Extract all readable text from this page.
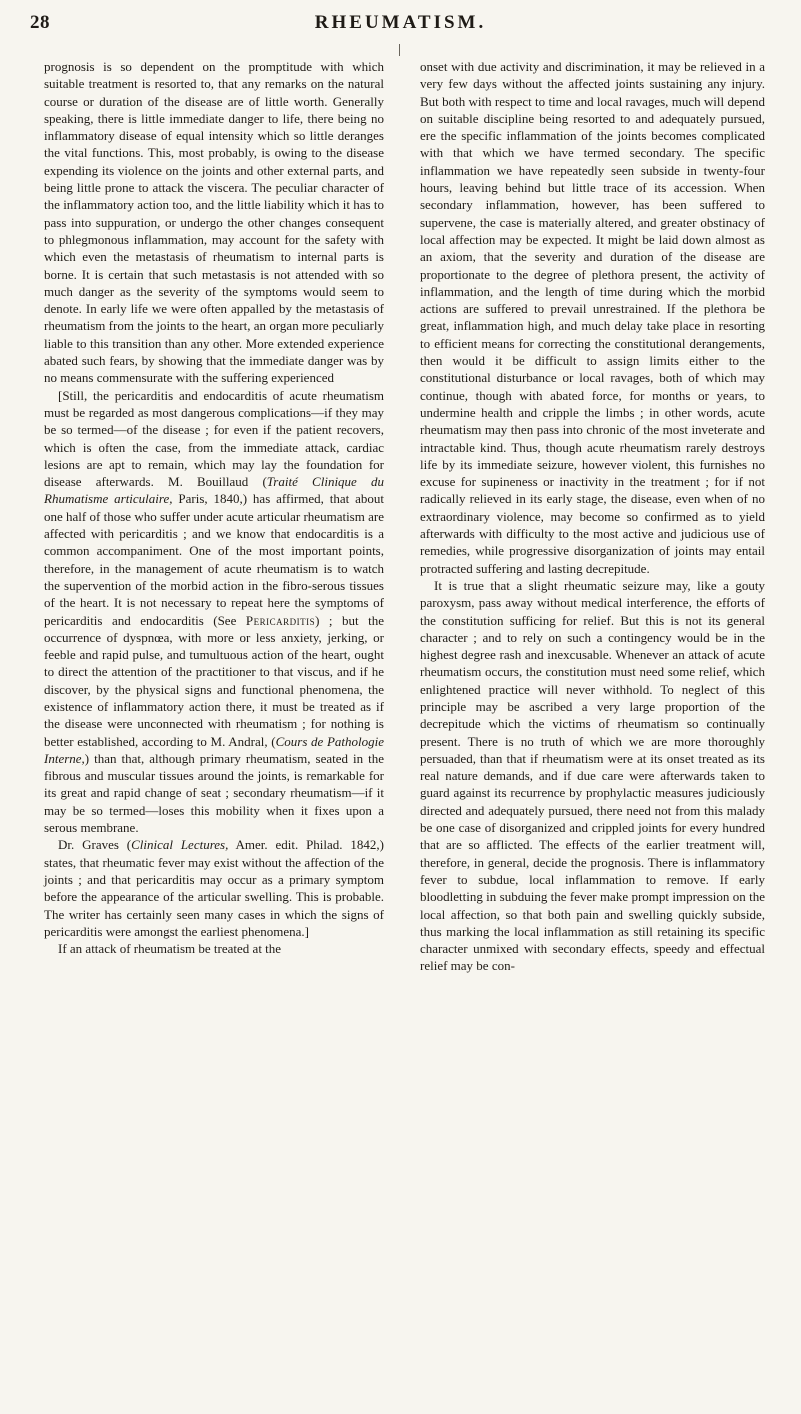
28	RHEUMATISM.

prognosis is so dependent on the promptitude with which suitable treatment is resorted to, that any remarks on the natural course or duration of the disease are of little worth. Generally speaking, there is little immediate danger to life, there being no inflammatory disease of equal intensity which so little deranges the vital functions. This, most probably, is owing to the disease expending its violence on the joints and other external parts, and being little prone to attack the viscera. The peculiar character of the inflammatory action too, and the little liability which it has to pass into suppuration, or undergo the other changes consequent to phlegmonous inflammation, may account for the safety with which even the metastasis of rheumatism to internal parts is borne. It is certain that such metastasis is not attended with so much danger as the severity of the symptoms would seem to denote. In early life we were often appalled by the metastasis of rheumatism from the joints to the heart, an organ more peculiarly liable to this transition than any other. More extended experience abated such fears, by showing that the immediate danger was by no means commensurate with the suffering experienced

[Still, the pericarditis and endocarditis of acute rheumatism must be regarded as most dangerous complications—if they may be so termed—of the disease ; for even if the patient recovers, which is often the case, from the immediate attack, cardiac lesions are apt to remain, which may lay the foundation for disease afterwards. M. Bouillaud (Traité Clinique du Rhumatisme articulaire, Paris, 1840,) has affirmed, that about one half of those who suffer under acute articular rheumatism are affected with pericarditis ; and we know that endocarditis is a common accompaniment. One of the most important points, therefore, in the management of acute rheumatism is to watch the supervention of the morbid action in the fibro-serous tissues of the heart. It is not necessary to repeat here the symptoms of pericarditis and endocarditis (See Pericarditis) ; but the occurrence of dyspnœa, with more or less anxiety, jerking, or feeble and rapid pulse, and tumultuous action of the heart, ought to direct the attention of the practitioner to that viscus, and if he discover, by the physical signs and functional phenomena, the existence of inflammatory action there, it must be treated as if the disease were unconnected with rheumatism ; for nothing is better established, according to M. Andral, (Cours de Pathologie Interne,) than that, although primary rheumatism, seated in the fibrous and muscular tissues around the joints, is remarkable for its great and rapid change of seat ; secondary rheumatism—if it may be so termed—loses this mobility when it fixes upon a serous membrane.

Dr. Graves (Clinical Lectures, Amer. edit. Philad. 1842,) states, that rheumatic fever may exist without the affection of the joints ; and that pericarditis may occur as a primary symptom before the appearance of the articular swelling. This is probable. The writer has certainly seen many cases in which the signs of pericarditis were amongst the earliest phenomena.]

If an attack of rheumatism be treated at the

onset with due activity and discrimination, it may be relieved in a very few days without the affected joints sustaining any injury. But both with respect to time and local ravages, much will depend on suitable discipline being resorted to and adequately pursued, ere the specific inflammation of the joints becomes complicated with that which we have termed secondary. The specific inflammation we have repeatedly seen subside in twenty-four hours, leaving behind but little trace of its accession. When secondary inflammation, however, has been suffered to supervene, the case is materially altered, and greater obstinacy of local affection may be expected. It might be laid down almost as an axiom, that the severity and duration of the disease are proportionate to the degree of plethora present, the activity of inflammation, and the length of time during which the morbid actions are suffered to prevail unrestrained. If the plethora be great, inflammation high, and much delay take place in resorting to efficient means for correcting the constitutional derangements, then would it be difficult to assign limits either to the constitutional disturbance or local ravages, both of which may continue, though with abated force, for months or years, to undermine health and cripple the limbs ; in other words, acute rheumatism may then pass into chronic of the most inveterate and intractable kind. Thus, though acute rheumatism rarely destroys life by its immediate seizure, however violent, this furnishes no excuse for supineness or inactivity in the treatment ; for if not radically relieved in its early stage, the disease, even when of no extraordinary violence, may become so confirmed as to yield afterwards with difficulty to the most active and judicious use of remedies, while progressive disorganization of joints may entail protracted suffering and lasting decrepitude.

It is true that a slight rheumatic seizure may, like a gouty paroxysm, pass away without medical interference, the efforts of the constitution sufficing for relief. But this is not its general character ; and to rely on such a contingency would be in the highest degree rash and inexcusable. Whenever an attack of acute rheumatism occurs, the constitution must need some relief, which enlightened practice will never withhold. To neglect of this principle may be ascribed a very large proportion of the decrepitude which the victims of rheumatism so continually present. There is no truth of which we are more thoroughly persuaded, than that if rheumatism were at its onset treated as its real nature demands, and if due care were afterwards taken to guard against its recurrence by prophylactic measures judiciously directed and adequately pursued, there need not from this malady be one case of disorganized and crippled joints for every hundred that are so afflicted. The effects of the earlier treatment will, therefore, in general, decide the prognosis. There is inflammatory fever to subdue, local inflammation to remove. If early bloodletting in subduing the fever make prompt impression on the local affection, so that both pain and swelling quickly subside, thus marking the local inflammation as still retaining its specific character unmixed with secondary effects, speedy and effectual relief may be con-
